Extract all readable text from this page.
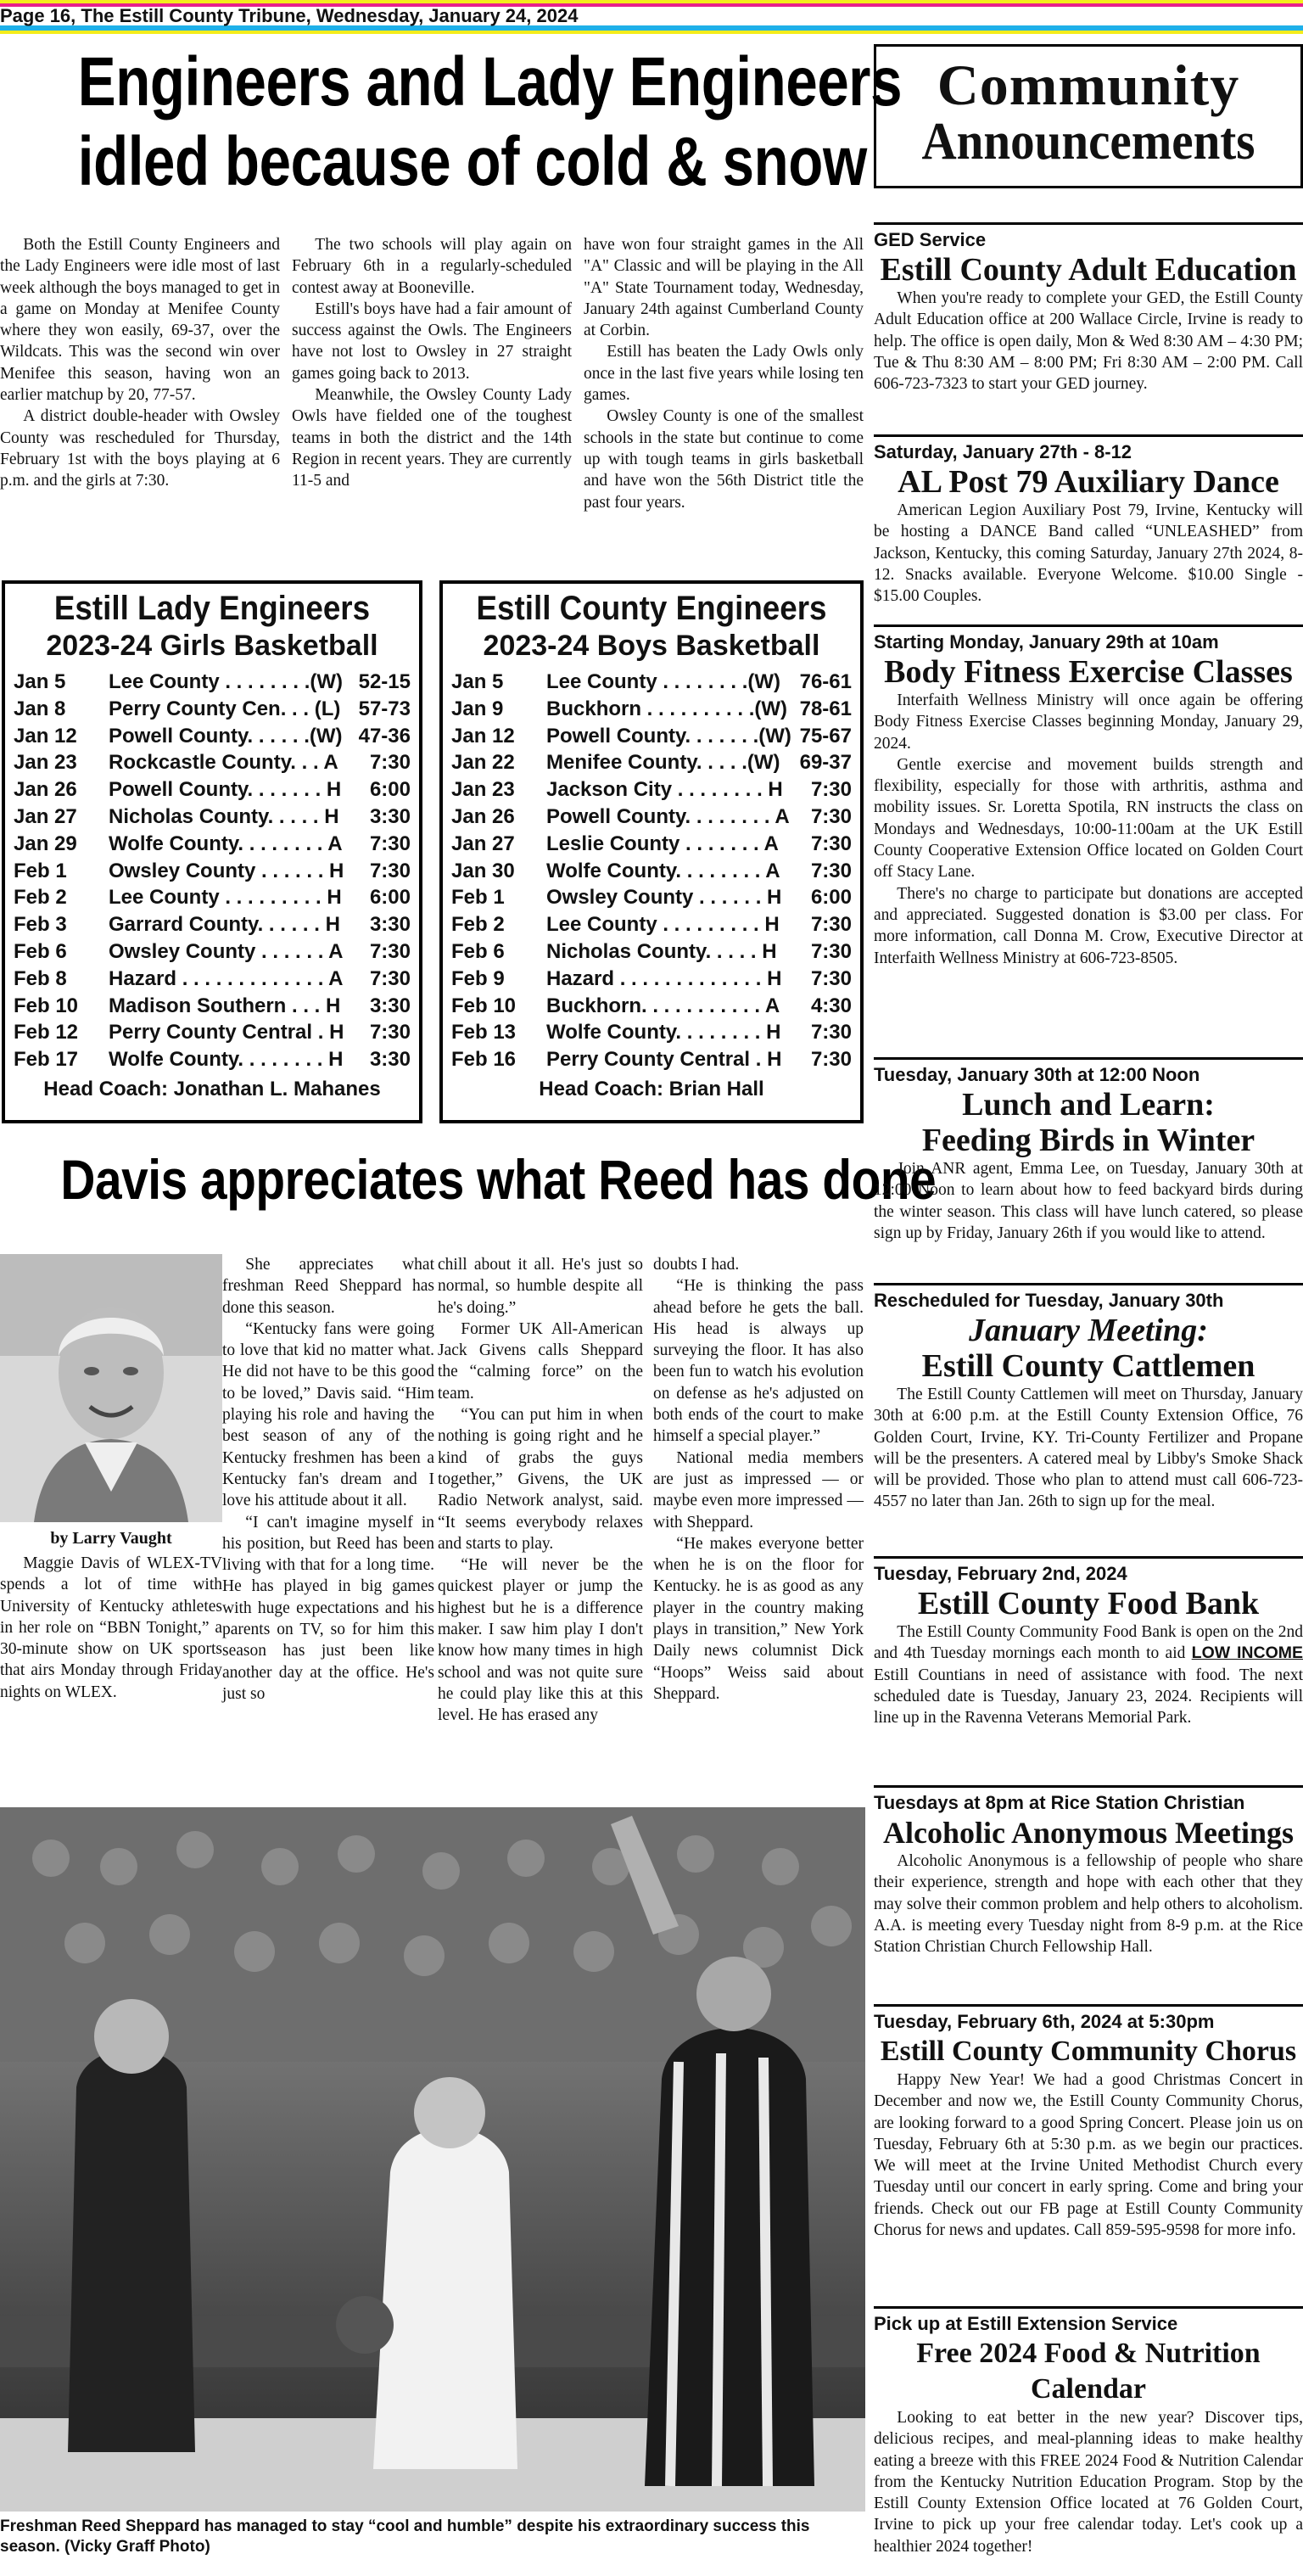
Page 16, The Estill County Tribune, Wednesday, January 24, 2024
Engineers and Lady Engineers
idled because of cold & snow

Both the Estill County Engineers and the Lady Engineers were idle most of last week although the boys managed to get in a game on Monday at Menifee County where they won easily, 69-37, over the Wildcats. This was the second win over Menifee this season, having won an earlier matchup by 20, 77-57.

A district double-header with Owsley County was rescheduled for Thursday, February 1st with the boys playing at 6 p.m. and the girls at 7:30.

The two schools will play again on February 6th in a regularly-scheduled contest away at Booneville.

Estill's boys have had a fair amount of success against the Owls. The Engineers have not lost to Owsley in 27 straight games going back to 2013.

Meanwhile, the Owsley County Lady Owls have fielded one of the toughest teams in both the district and the 14th Region in recent years. They are currently 11-5 and

have won four straight games in the All "A" Classic and will be playing in the All "A" State Tournament today, Wednesday, January 24th against Cumberland County at Corbin.

Estill has beaten the Lady Owls only once in the last five years while losing ten games.

Owsley County is one of the smallest schools in the state but continue to come up with tough teams in girls basketball and have won the 56th District title the past four years.

Estill Lady Engineers
2023-24 Girls Basketball
Jan 5	Lee County . . . . . . . .(W)	52-15
Jan 8	Perry County Cen. . . (L)	57-73
Jan 12	Powell County. . . . . .(W)	47-36
Jan 23	Rockcastle County. . . A	7:30
Jan 26	Powell County. . . . . . . H	6:00
Jan 27	Nicholas County. . . . . H	3:30
Jan 29	Wolfe County. . . . . . . . A	7:30
Feb 1	Owsley County . . . . . . H	7:30
Feb 2	Lee County . . . . . . . . . H	6:00
Feb 3	Garrard County. . . . . . H	3:30
Feb 6	Owsley County . . . . . . A	7:30
Feb 8	Hazard . . . . . . . . . . . . . A	7:30
Feb 10	Madison Southern . . . H	3:30
Feb 12	Perry County Central . H	7:30
Feb 17	Wolfe County. . . . . . . . H	3:30
Head Coach: Jonathan L. Mahanes
Estill County Engineers
2023-24 Boys Basketball
Jan 5	Lee County . . . . . . . .(W)	76-61
Jan 9	Buckhorn . . . . . . . . . .(W)	78-61
Jan 12	Powell County. . . . . . .(W)	75-67
Jan 22	Menifee County. . . . .(W)	69-37
Jan 23	Jackson City . . . . . . . . H	7:30
Jan 26	Powell County. . . . . . . . A	7:30
Jan 27	Leslie County . . . . . . . A	7:30
Jan 30	Wolfe County. . . . . . . . A	7:30
Feb 1	Owsley County . . . . . . H	6:00
Feb 2	Lee County . . . . . . . . . H	7:30
Feb 6	Nicholas County. . . . . H	7:30
Feb 9	Hazard . . . . . . . . . . . . . H	7:30
Feb 10	Buckhorn. . . . . . . . . . . A	4:30
Feb 13	Wolfe County. . . . . . . . H	7:30
Feb 16	Perry County Central . H	7:30
Head Coach: Brian Hall
Davis appreciates what Reed has done
by Larry Vaught

Maggie Davis of WLEX-TV spends a lot of time with University of Kentucky athletes in her role on “BBN Tonight,” a 30-minute show on UK sports that airs Monday through Friday nights on WLEX.

She appreciates what freshman Reed Sheppard has done this season.

“Kentucky fans were going to love that kid no matter what. He did not have to be this good to be loved,” Davis said. “Him playing his role and having the best season of any of the Kentucky freshmen has been a Kentucky fan's dream and I love his attitude about it all.

“I can't imagine myself in his position, but Reed has been living with that for a long time. He has played in big games with huge expectations and his parents on TV, so for him this season has just been like another day at the office. He's just so

chill about it all. He's just so normal, so humble despite all he's doing.”

Former UK All-American Jack Givens calls Sheppard the “calming force” on the team.

“You can put him in when nothing is going right and he kind of grabs the guys together,” Givens, the UK Radio Network analyst, said. “It seems everybody relaxes and starts to play.

“He will never be the quickest player or jump the highest but he is a difference maker. I saw him play I don't know how many times in high school and was not quite sure he could play like this at this level. He has erased any

doubts I had.

“He is thinking the pass ahead before he gets the ball. His head is always up surveying the floor. It has also been fun to watch his evolution on defense as he's adjusted on both ends of the court to make himself a special player.”

National media members are just as impressed — or maybe even more impressed — with Sheppard.

“He makes everyone better when he is on the floor for Kentucky. he is as good as any player in the country making plays in transition,” New York Daily news columnist Dick “Hoops” Weiss said about Sheppard.

Freshman Reed Sheppard has managed to stay “cool and humble” despite his extraordinary success this season. (Vicky Graff Photo)
Community
Announcements
GED Service
Estill County Adult Education
When you're ready to complete your GED, the Estill County Adult Education office at 200 Wallace Circle, Irvine is ready to help. The office is open daily, Mon & Wed 8:30 AM – 4:30 PM; Tue & Thu 8:30 AM – 8:00 PM; Fri 8:30 AM – 2:00 PM. Call 606-723-7323 to start your GED journey.
Saturday, January 27th - 8-12
AL Post 79 Auxiliary Dance
American Legion Auxiliary Post 79, Irvine, Kentucky will be hosting a DANCE Band called “UNLEASHED” from Jackson, Kentucky, this coming Saturday, January 27th 2024, 8-12. Snacks available. Everyone Welcome. $10.00 Single - $15.00 Couples.
Starting Monday, January 29th at 10am
Body Fitness Exercise Classes
Interfaith Wellness Ministry will once again be offering Body Fitness Exercise Classes beginning Monday, January 29, 2024.
Gentle exercise and movement builds strength and flexibility, especially for those with arthritis, asthma and mobility issues. Sr. Loretta Spotila, RN instructs the class on Mondays and Wednesdays, 10:00-11:00am at the UK Estill County Cooperative Extension Office located on Golden Court off Stacy Lane.
There's no charge to participate but donations are accepted and appreciated. Suggested donation is $3.00 per class. For more information, call Donna M. Crow, Executive Director at Interfaith Wellness Ministry at 606-723-8505.
Tuesday, January 30th at 12:00 Noon
Lunch and Learn:
Feeding Birds in Winter
Join ANR agent, Emma Lee, on Tuesday, January 30th at 12:00 Noon to learn about how to feed backyard birds during the winter season. This class will have lunch catered, so please sign up by Friday, January 26th if you would like to attend.
Rescheduled for Tuesday, January 30th
January Meeting:
Estill County Cattlemen
The Estill County Cattlemen will meet on Thursday, January 30th at 6:00 p.m. at the Estill County Extension Office, 76 Golden Court, Irvine, KY. Tri-County Fertilizer and Propane will be the presenters. A catered meal by Libby's Smoke Shack will be provided. Those who plan to attend must call 606-723-4557 no later than Jan. 26th to sign up for the meal.
Tuesday, February 2nd, 2024
Estill County Food Bank
The Estill County Community Food Bank is open on the 2nd and 4th Tuesday mornings each month to aid LOW INCOME Estill Countians in need of assistance with food. The next scheduled date is Tuesday, January 23, 2024. Recipients will line up in the Ravenna Veterans Memorial Park.
Tuesdays at 8pm at Rice Station Christian
Alcoholic Anonymous Meetings
Alcoholic Anonymous is a fellowship of people who share their experience, strength and hope with each other that they may solve their common problem and help others to alcoholism. A.A. is meeting every Tuesday night from 8-9 p.m. at the Rice Station Christian Church Fellowship Hall.
Tuesday, February 6th, 2024 at 5:30pm
Estill County Community Chorus
Happy New Year! We had a good Christmas Concert in December and now we, the Estill County Community Chorus, are looking forward to a good Spring Concert. Please join us on Tuesday, February 6th at 5:30 p.m. as we begin our practices. We will meet at the Irvine United Methodist Church every Tuesday until our concert in early spring. Come and bring your friends. Check out our FB page at Estill County Community Chorus for news and updates. Call 859-595-9598 for more info.
Pick up at Estill Extension Service
Free 2024 Food & Nutrition Calendar
Looking to eat better in the new year? Discover tips, delicious recipes, and meal-planning ideas to make healthy eating a breeze with this FREE 2024 Food & Nutrition Calendar from the Kentucky Nutrition Education Program. Stop by the Estill County Extension Office located at 76 Golden Court, Irvine to pick up your free calendar today. Let's cook up a healthier 2024 together!
